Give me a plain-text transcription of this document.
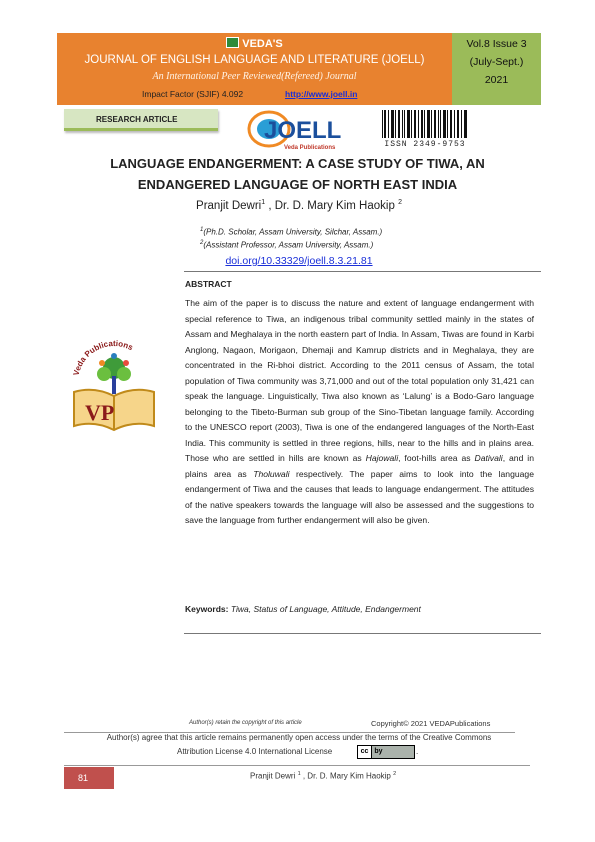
VEDA'S
JOURNAL OF ENGLISH LANGUAGE AND LITERATURE (JOELL)
An International Peer Reviewed(Refereed) Journal
Impact Factor (SJIF) 4.092	http://www.joell.in
Vol.8 Issue 3
(July-Sept.)
2021
RESEARCH ARTICLE	JOELL
Veda Publications	ISSN 2349-9753
LANGUAGE ENDANGERMENT: A CASE STUDY OF TIWA, AN
ENDANGERED LANGUAGE OF NORTH EAST INDIA
Pranjit Dewri$^1$ , Dr. D. Mary Kim Haokip $^2$
$^1$(Ph.D. Scholar, Assam University, Silchar, Assam.)
$^2$(Assistant Professor, Assam University, Assam.)
doi.org/10.33329/joell.8.3.21.81
ABSTRACT
The aim of the paper is to discuss the nature and extent of language endangerment with special reference to Tiwa, an indigenous tribal community settled mainly in the states of Assam and Meghalaya in the north eastern part of India. In Assam, Tiwas are found in Karbi Anglong, Nagaon, Morigaon, Dhemaji and Kamrup districts and in Meghalaya, they are concentrated in the Ri-bhoi district. According to the 2011 census of Assam, the total population of Tiwa community was 3,71,000 and out of the total population only 31,421 can speak the language. Linguistically, Tiwa also known as ‘Lalung’ is a Bodo-Garo language belonging to the Tibeto-Burman sub group of the Sino-Tibetan language family. According to the UNESCO report (2003), Tiwa is one of the endangered languages of the North-East India. This community is settled in three regions, hills, near to the hills and in plains area. Those who are settled in hills are known as Hajowali, foot-hills area as Dativali, and in plains area as Tholuwali respectively. The paper aims to look into the language endangerment of Tiwa and the causes that leads to language endangerment. The attitudes of the native speakers towards the language will also be assessed and the suggestions to save the language from further endangerment will also be given.
Veda Publications
VP
Keywords: Tiwa, Status of Language, Attitude, Endangerment
Author(s) retain the copyright of this article	Copyright© 2021 VEDAPublications
Author(s) agree that this article remains permanently open access under the terms of the Creative Commons
Attribution License 4.0 International License	cc by	.
81	Pranjit Dewri $^1$ , Dr. D. Mary Kim Haokip $^2$
